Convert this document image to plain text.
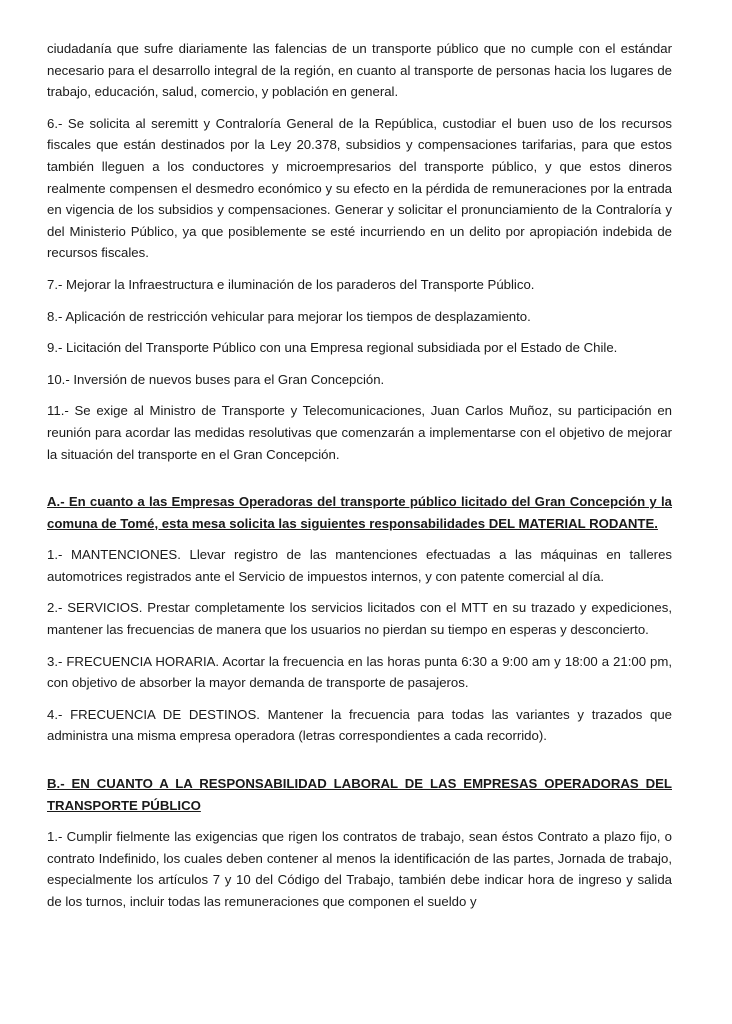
ciudadanía que sufre diariamente las falencias de un transporte público que no cumple con el estándar necesario para el desarrollo integral de la región, en cuanto al transporte de personas hacia los lugares de trabajo, educación, salud, comercio, y población en general.

6.- Se solicita al seremitt y Contraloría General de la República, custodiar el buen uso de los recursos fiscales que están destinados por la Ley 20.378, subsidios y compensaciones tarifarias, para que estos también lleguen a los conductores y microempresarios del transporte público, y que estos dineros realmente compensen el desmedro económico y su efecto en la pérdida de remuneraciones por la entrada en vigencia de los subsidios y compensaciones. Generar y solicitar el pronunciamiento de la Contraloría y del Ministerio Público, ya que posiblemente se esté incurriendo en un delito por apropiación indebida de recursos fiscales.

7.- Mejorar la Infraestructura e iluminación de los paraderos del Transporte Público.

8.- Aplicación de restricción vehicular para mejorar los tiempos de desplazamiento.

9.- Licitación del Transporte Público con una Empresa regional subsidiada por el Estado de Chile.

10.- Inversión de nuevos buses para el Gran Concepción.

11.- Se exige al Ministro de Transporte y Telecomunicaciones, Juan Carlos Muñoz, su participación en reunión para acordar las medidas resolutivas que comenzarán a implementarse con el objetivo de mejorar la situación del transporte en el Gran Concepción.

A.- En cuanto a las Empresas Operadoras del transporte público licitado del Gran Concepción y la comuna de Tomé, esta mesa solicita las siguientes responsabilidades DEL MATERIAL RODANTE.

1.- MANTENCIONES. Llevar registro de las mantenciones efectuadas a las máquinas en talleres automotrices registrados ante el Servicio de impuestos internos, y con patente comercial al día.

2.- SERVICIOS. Prestar completamente los servicios licitados con el MTT en su trazado y expediciones, mantener las frecuencias de manera que los usuarios no pierdan su tiempo en esperas y desconcierto.

3.- FRECUENCIA HORARIA. Acortar la frecuencia en las horas punta 6:30 a 9:00 am y 18:00 a 21:00 pm, con objetivo de absorber la mayor demanda de transporte de pasajeros.

4.- FRECUENCIA DE DESTINOS. Mantener la frecuencia para todas las variantes y trazados que administra una misma empresa operadora (letras correspondientes a cada recorrido).

B.- EN CUANTO A LA RESPONSABILIDAD LABORAL DE LAS EMPRESAS OPERADORAS DEL TRANSPORTE PÚBLICO

1.- Cumplir fielmente las exigencias que rigen los contratos de trabajo, sean éstos Contrato a plazo fijo, o contrato Indefinido, los cuales deben contener al menos la identificación de las partes, Jornada de trabajo, especialmente los artículos 7 y 10 del Código del Trabajo, también debe indicar hora de ingreso y salida de los turnos, incluir todas las remuneraciones que componen el sueldo y
